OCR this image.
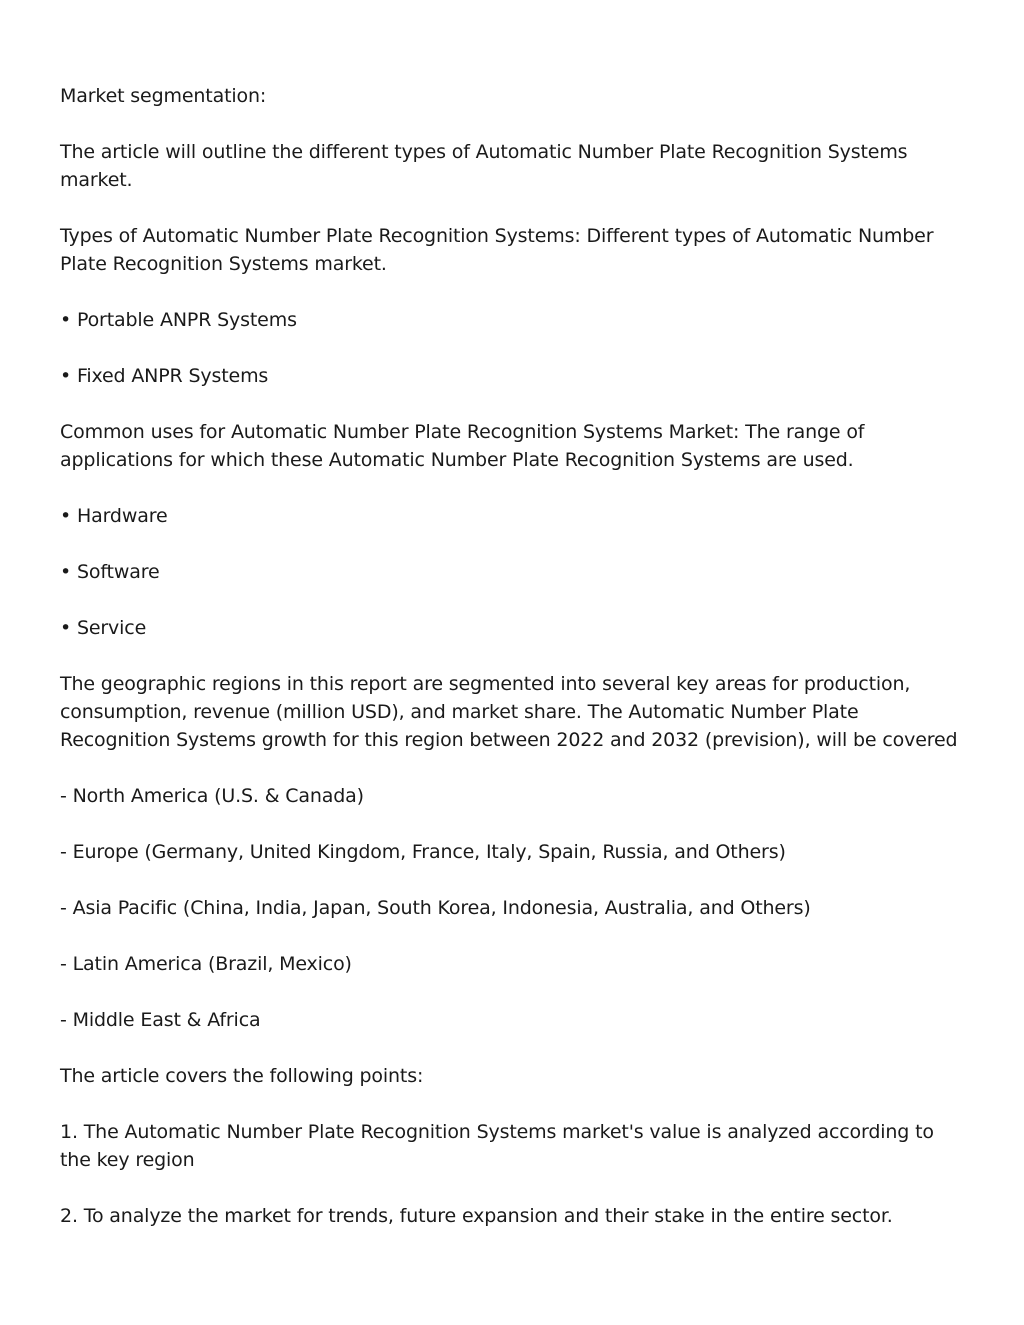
Market segmentation:

The article will outline the different types of Automatic Number Plate Recognition Systems market.

Types of Automatic Number Plate Recognition Systems: Different types of Automatic Number Plate Recognition Systems market.

• Portable ANPR Systems

• Fixed ANPR Systems

Common uses for Automatic Number Plate Recognition Systems Market: The range of applications for which these Automatic Number Plate Recognition Systems are used.

• Hardware

• Software

• Service

The geographic regions in this report are segmented into several key areas for production, consumption, revenue (million USD), and market share. The Automatic Number Plate Recognition Systems growth for this region between 2022 and 2032 (prevision), will be covered

- North America (U.S. & Canada)

- Europe (Germany, United Kingdom, France, Italy, Spain, Russia, and Others)

- Asia Pacific (China, India, Japan, South Korea, Indonesia, Australia, and Others)

- Latin America (Brazil, Mexico)

- Middle East & Africa

The article covers the following points:

1. The Automatic Number Plate Recognition Systems market's value is analyzed according to the key region

2. To analyze the market for trends, future expansion and their stake in the entire sector.
